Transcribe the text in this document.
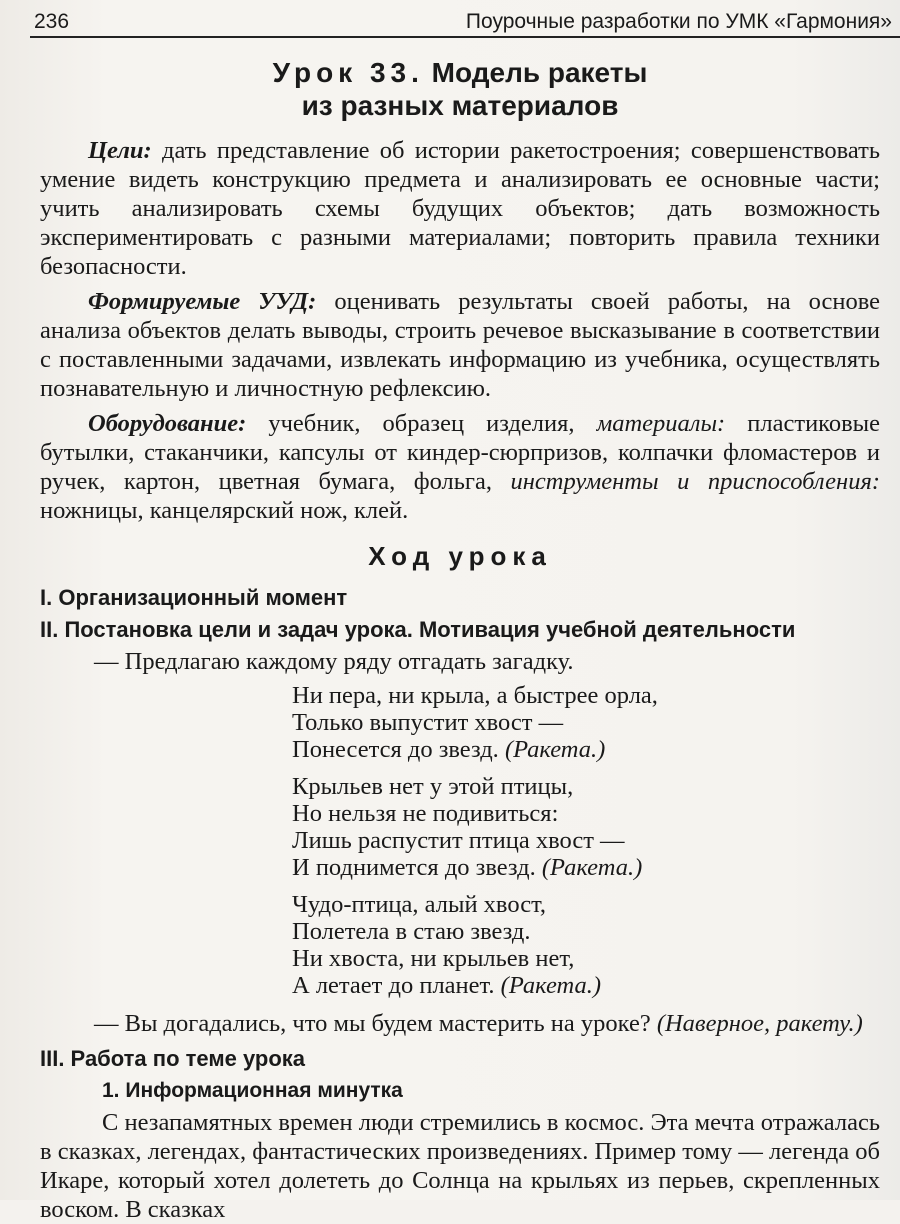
236	Поурочные разработки по УМК «Гармония»
Урок 33. Модель ракеты
из разных материалов

Цели: дать представление об истории ракетостроения; совершенствовать умение видеть конструкцию предмета и анализировать ее основные части; учить анализировать схемы будущих объектов; дать возможность экспериментировать с разными материалами; повторить правила техники безопасности.

Формируемые УУД: оценивать результаты своей работы, на основе анализа объектов делать выводы, строить речевое высказывание в соответствии с поставленными задачами, извлекать информацию из учебника, осуществлять познавательную и личностную рефлексию.

Оборудование: учебник, образец изделия, материалы: пластиковые бутылки, стаканчики, капсулы от киндер-сюрпризов, колпачки фломастеров и ручек, картон, цветная бумага, фольга, инструменты и приспособления: ножницы, канцелярский нож, клей.

Ход урока
I. Организационный момент
II. Постановка цели и задач урока. Мотивация учебной деятельности

— Предлагаю каждому ряду отгадать загадку.

Ни пера, ни крыла, а быстрее орла,
Только выпустит хвост —
Понесется до звезд. (Ракета.)
Крыльев нет у этой птицы,
Но нельзя не подивиться:
Лишь распустит птица хвост —
И поднимется до звезд. (Ракета.)
Чудо-птица, алый хвост,
Полетела в стаю звезд.
Ни хвоста, ни крыльев нет,
А летает до планет. (Ракета.)

— Вы догадались, что мы будем мастерить на уроке? (Наверное, ракету.)

III. Работа по теме урока
1. Информационная минутка

С незапамятных времен люди стремились в космос. Эта мечта отражалась в сказках, легендах, фантастических произведениях. Пример тому — легенда об Икаре, который хотел долететь до Солнца на крыльях из перьев, скрепленных воском. В сказках
